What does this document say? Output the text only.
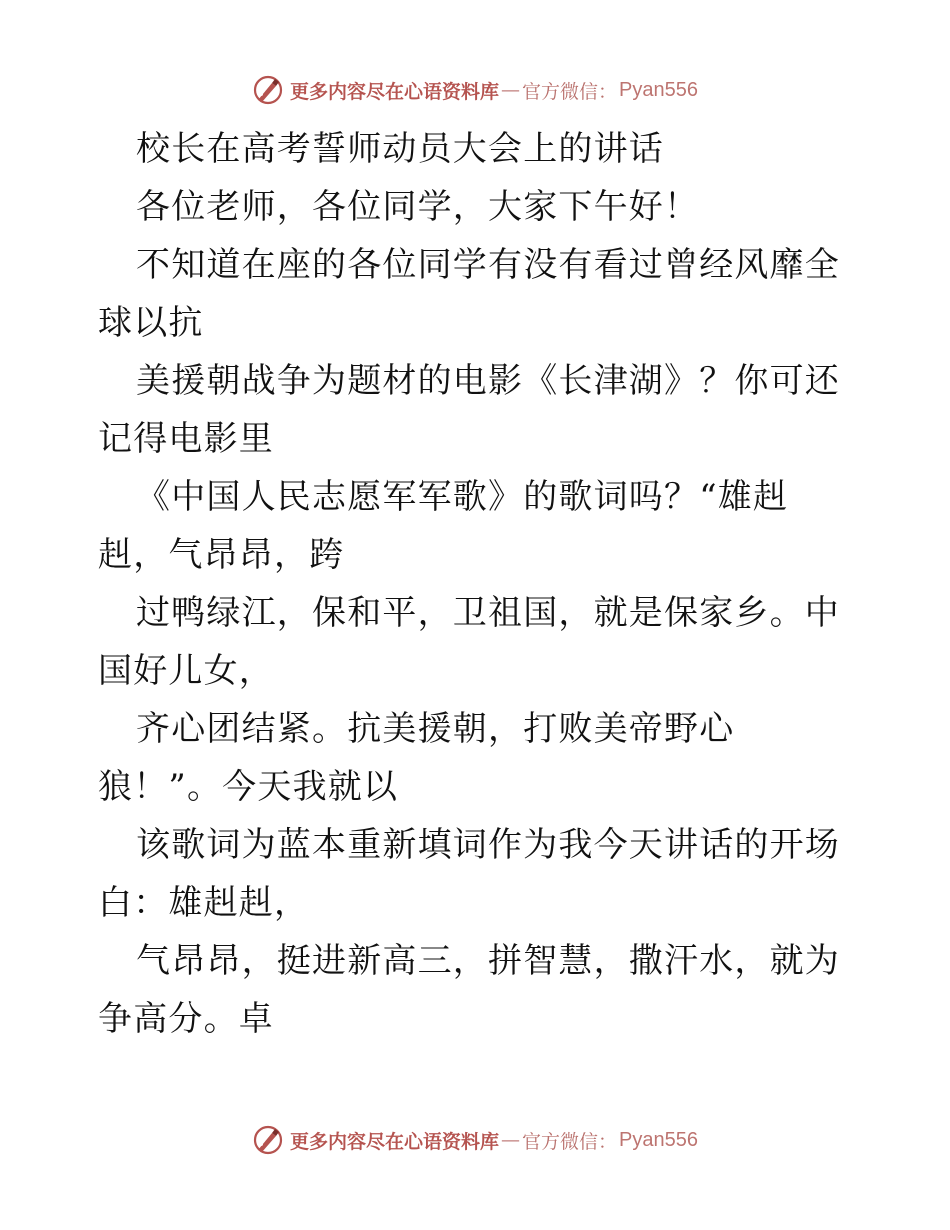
更多内容尽在心语资料库 — 官方微信： Pyan556

校长在高考誓师动员大会上的讲话

各位老师，各位同学，大家下午好！

不知道在座的各位同学有没有看过曾经风靡全球以抗

美援朝战争为题材的电影《长津湖》？你可还记得电影里

《中国人民志愿军军歌》的歌词吗？“雄赳赳，气昂昂，跨

过鸭绿江，保和平，卫祖国，就是保家乡。中国好儿女，

齐心团结紧。抗美援朝，打败美帝野心狼！”。今天我就以

该歌词为蓝本重新填词作为我今天讲话的开场白：雄赳赳，

气昂昂，挺进新高三，拼智慧，撒汗水，就为争高分。卓

更多内容尽在心语资料库 — 官方微信： Pyan556
